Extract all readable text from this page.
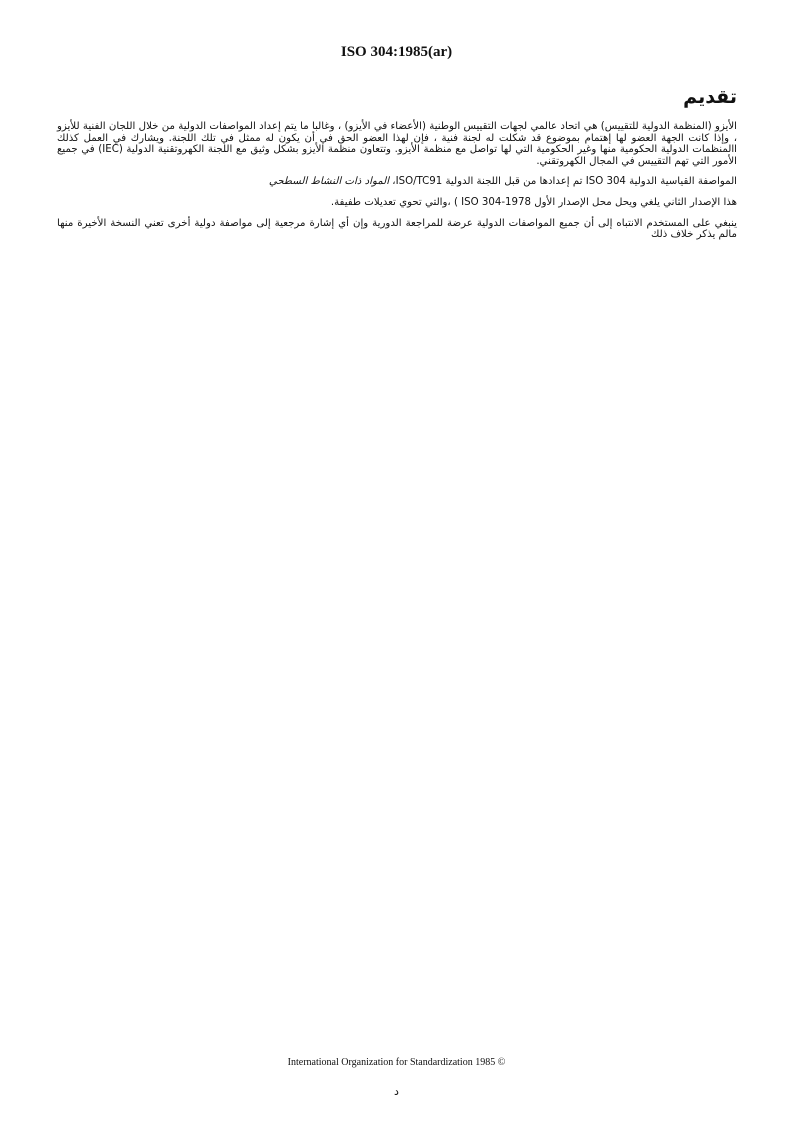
ISO 304:1985(ar)
تقديم

الأيزو (المنظمة الدولية للتقييس) هي اتحاد عالمي لجهات التقييس الوطنية (الأعضاء في الأيزو) ، وغالبا ما يتم إعداد المواصفات الدولية من خلال اللجان الفنية للأيزو ، وإذا كانت الجهة العضو لها إهتمام بموضوع قد شكلت له لجنة فنية ، فإن لهذا العضو الحق في أن يكون له ممثل في تلك اللجنة. ويشارك في العمل كذلك االمنظمات الدولية الحكومية منها وغير الحكومية التي لها تواصل مع منظمة الأيزو. وتتعاون منظمة الأيزو بشكل وثيق مع اللجنة الكهروتقنية الدولية (IEC) في جميع الأمور التي تهم التقييس في المجال الكهروتقني.

المواصفة القياسية الدولية ISO 304 تم إعدادها من قبل اللجنة الدولية ISO/TC91، المواد ذات النشاط السطحي

هذا الإصدار الثاني يلغي ويحل محل الإصدار الأول ISO 304-1978 ) ،والتي تحوي تعديلات طفيفة.

ينبغي على المستخدم الانتباه إلى أن جميع المواصفات الدولية عرضة للمراجعة الدورية وإن أي إشارة مرجعية إلى مواصفة دولية أخرى تعني النسخة الأخيرة منها مالم يذكر خلاف ذلك

International Organization for Standardization 1985 ©
د
